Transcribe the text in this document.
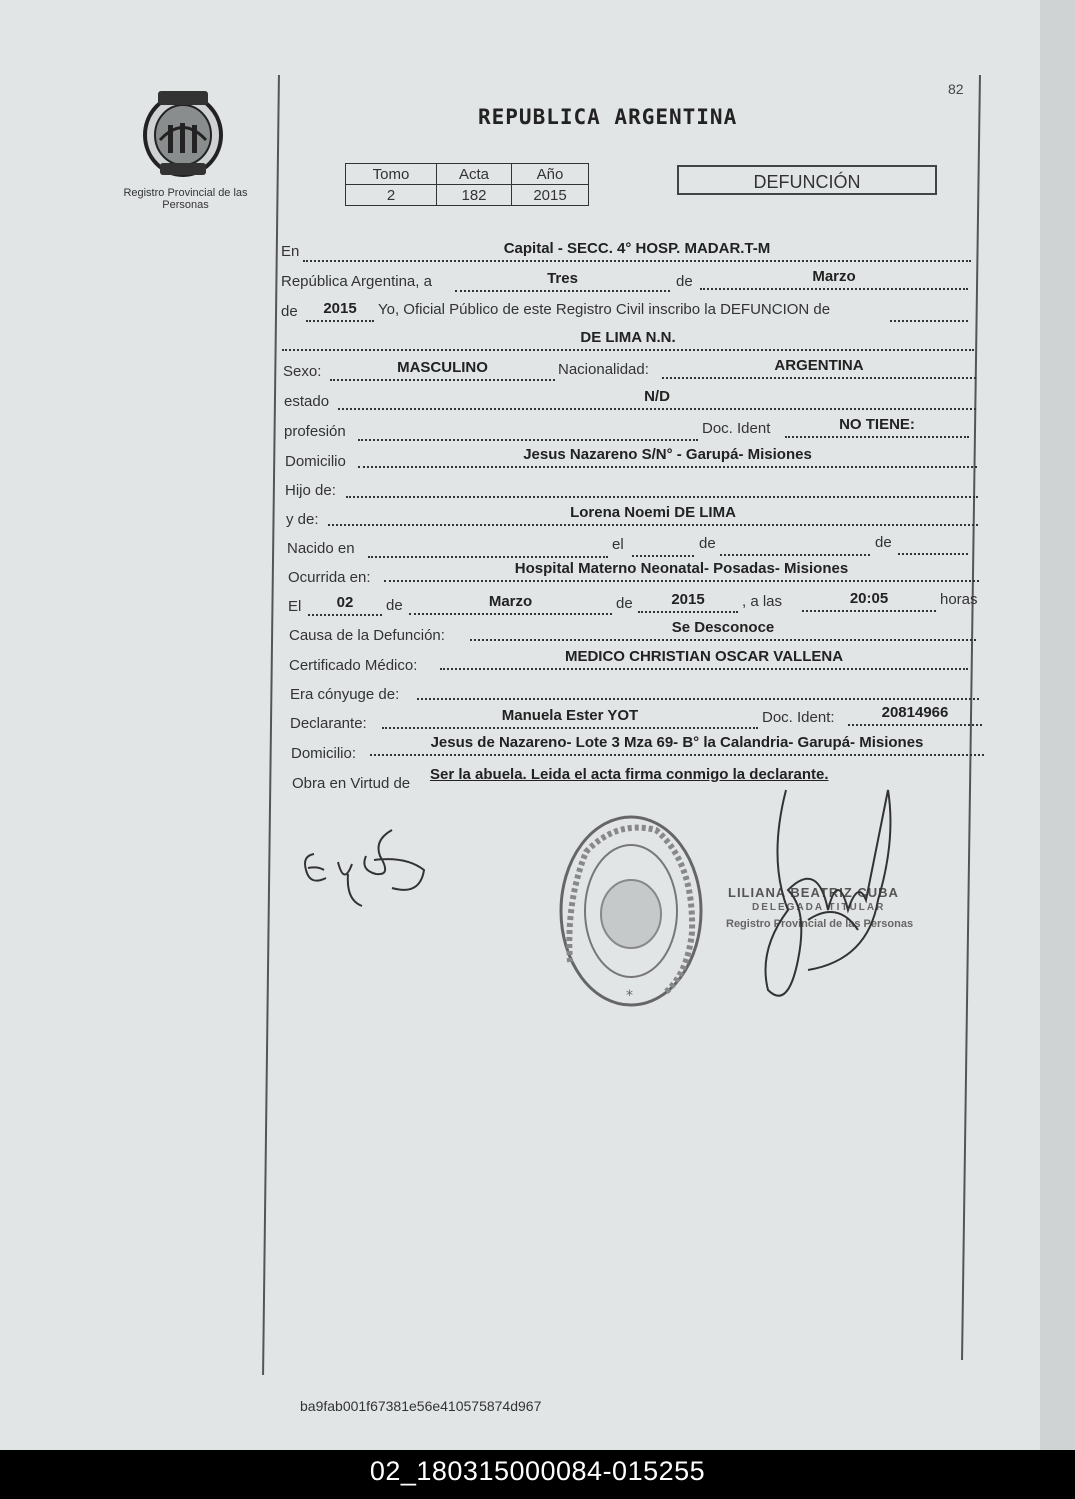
Registro Provincial de las Personas
82
REPUBLICA ARGENTINA
Tomo	Acta	Año
2	182	2015
DEFUNCIÓN
En	Capital - SECC. 4° HOSP. MADAR.T-M
República Argentina, a	Tres	de	Marzo
de	2015	Yo, Oficial Público de este Registro Civil inscribo la DEFUNCION de
DE LIMA N.N.
Sexo:	MASCULINO	Nacionalidad:	ARGENTINA
estado	N/D
profesión	Doc. Ident	NO TIENE:
Domicilio	Jesus Nazareno S/N° - Garupá- Misiones
Hijo de:
y de:	Lorena Noemi DE LIMA
Nacido en	el	de	de
Ocurrida en:
Hospital Materno Neonatal- Posadas- Misiones
El	02	de	Marzo	de	2015	, a las	20:05	horas
Causa de la Defunción:	Se Desconoce
Certificado Médico:
MEDICO CHRISTIAN OSCAR VALLENA
Era cónyuge de:
Declarante:	Manuela Ester YOT	Doc. Ident:	20814966
Domicilio:
Jesus de Nazareno- Lote 3 Mza 69- B° la Calandria- Garupá- Misiones
Obra en Virtud de
Ser la abuela. Leida el acta firma conmigo la declarante.
*
LILIANA BEATRIZ CUBA
DELEGADA TITULAR
Registro Provincial de las Personas
ba9fab001f67381e56e410575874d967
02_180315000084-015255
